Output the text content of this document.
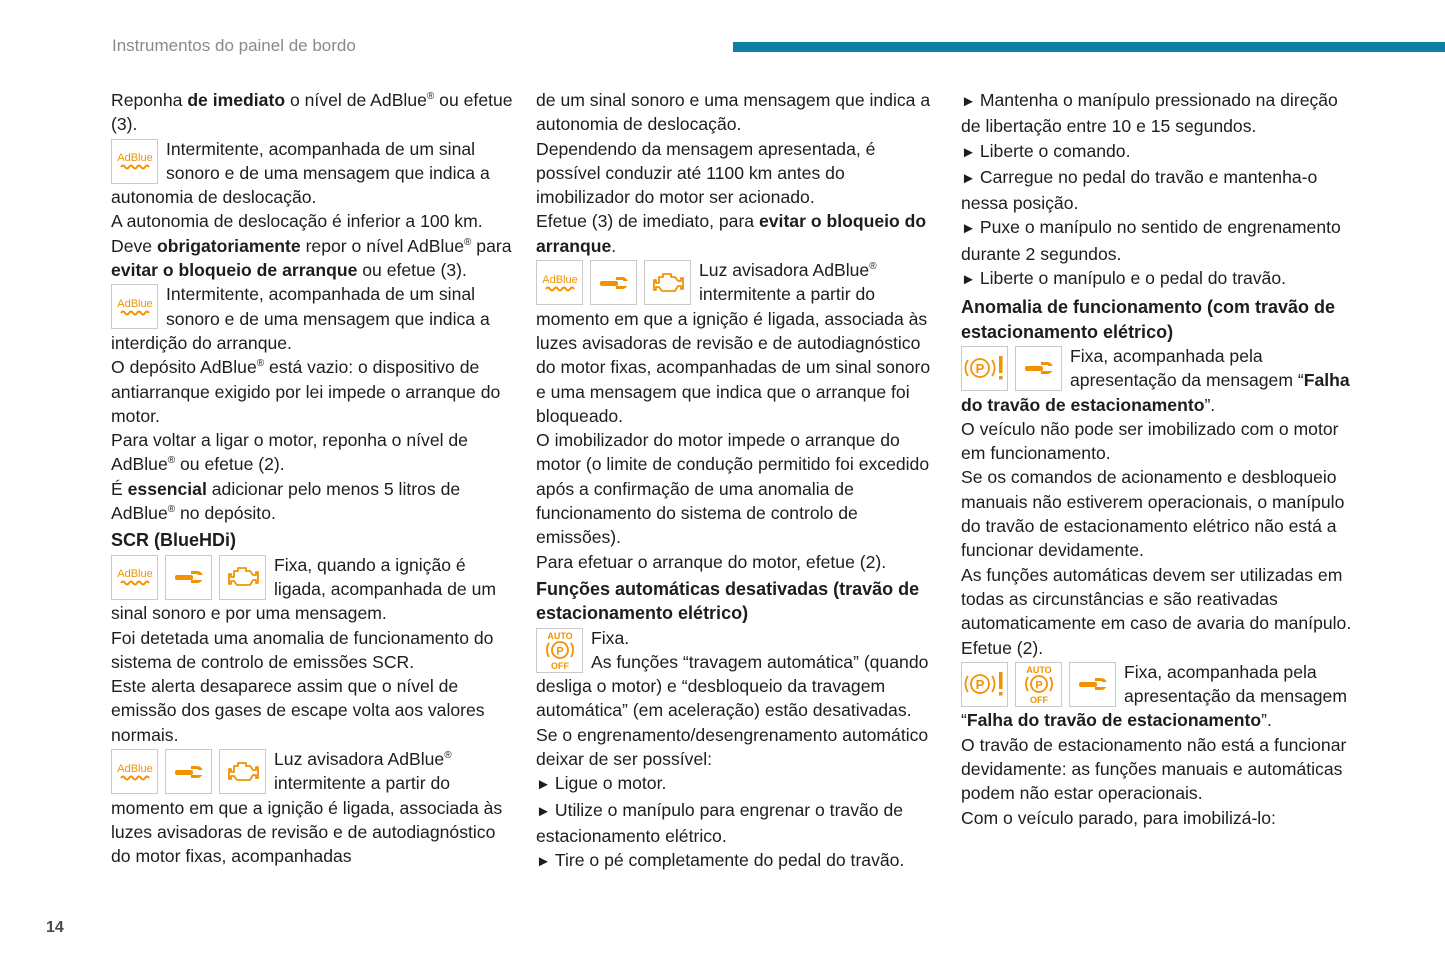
Instrumentos do painel de bordo
14

Reponha de imediato o nível de AdBlue® ou efetue (3).

AdBlue Intermitente, acompanhada de um sinal sonoro e de uma mensagem que indica a autonomia de deslocação.

A autonomia de deslocação é inferior a 100 km.

Deve obrigatoriamente repor o nível AdBlue® para evitar o bloqueio de arranque ou efetue (3).

AdBlue Intermitente, acompanhada de um sinal sonoro e de uma mensagem que indica a interdição do arranque.

O depósito AdBlue® está vazio: o dispositivo de antiarranque exigido por lei impede o arranque do motor.

Para voltar a ligar o motor, reponha o nível de AdBlue® ou efetue (2).

É essencial adicionar pelo menos 5 litros de AdBlue® no depósito.

SCR (BlueHDi)

AdBlue	Fixa, quando a ignição é ligada, acompanhada de um sinal sonoro e por uma mensagem.

Foi detetada uma anomalia de funcionamento do sistema de controlo de emissões SCR.

Este alerta desaparece assim que o nível de emissão dos gases de escape volta aos valores normais.

AdBlue	Luz avisadora AdBlue® intermitente a partir do momento em que a ignição é ligada, associada às luzes avisadoras de revisão e de autodiagnóstico do motor fixas, acompanhadas

de um sinal sonoro e uma mensagem que indica a autonomia de deslocação.

Dependendo da mensagem apresentada, é possível conduzir até 1100 km antes do imobilizador do motor ser acionado.

Efetue (3) de imediato, para evitar o bloqueio do arranque.

AdBlue	Luz avisadora AdBlue® intermitente a partir do momento em que a ignição é ligada, associada às luzes avisadoras de revisão e de autodiagnóstico do motor fixas, acompanhadas de um sinal sonoro e uma mensagem que indica que o arranque foi bloqueado.

O imobilizador do motor impede o arranque do motor (o limite de condução permitido foi excedido após a confirmação de uma anomalia de funcionamento do sistema de controlo de emissões).

Para efetuar o arranque do motor, efetue (2).

Funções automáticas desativadas (travão de estacionamento elétrico)

AUTO
P
OFF
Fixa.
As funções “travagem automática” (quando desliga o motor) e “desbloqueio da travagem automática” (em aceleração) estão desativadas.

Se o engrenamento/desengrenamento automático deixar de ser possível:

► Ligue o motor.

► Utilize o manípulo para engrenar o travão de estacionamento elétrico.

► Tire o pé completamente do pedal do travão.

► Mantenha o manípulo pressionado na direção de libertação entre 10 e 15 segundos.

► Liberte o comando.

► Carregue no pedal do travão e mantenha-o nessa posição.

► Puxe o manípulo no sentido de engrenamento durante 2 segundos.

► Liberte o manípulo e o pedal do travão.

Anomalia de funcionamento (com travão de estacionamento elétrico)

P
Fixa, acompanhada pela apresentação da mensagem “Falha do travão de estacionamento”.

O veículo não pode ser imobilizado com o motor em funcionamento.

Se os comandos de acionamento e desbloqueio manuais não estiverem operacionais, o manípulo do travão de estacionamento elétrico não está a funcionar devidamente.

As funções automáticas devem ser utilizadas em todas as circunstâncias e são reativadas automaticamente em caso de avaria do manípulo.

Efetue (2).

P
AUTO
P
OFF
Fixa, acompanhada pela apresentação da mensagem “Falha do travão de estacionamento”.

O travão de estacionamento não está a funcionar devidamente: as funções manuais e automáticas podem não estar operacionais.

Com o veículo parado, para imobilizá-lo:
